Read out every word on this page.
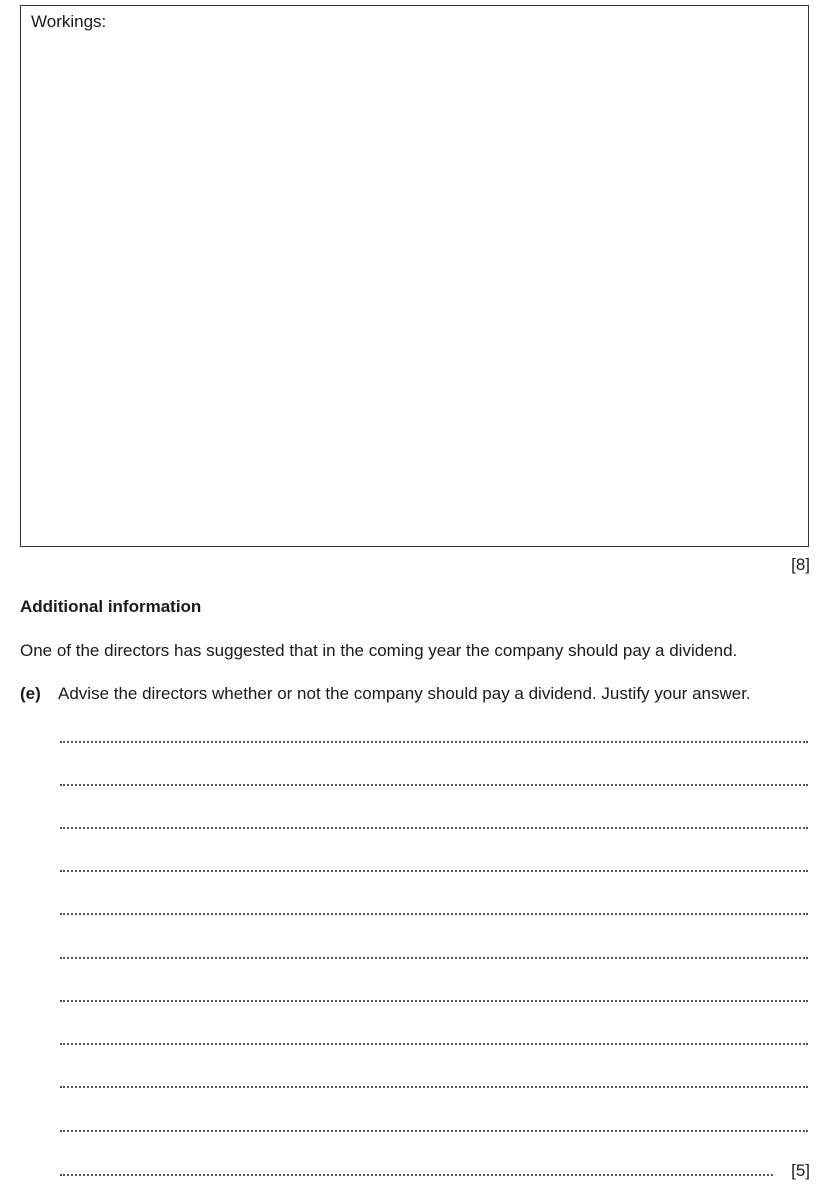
Workings:
[8]
Additional information
One of the directors has suggested that in the coming year the company should pay a dividend.
(e) Advise the directors whether or not the company should pay a dividend. Justify your answer.
[5]
